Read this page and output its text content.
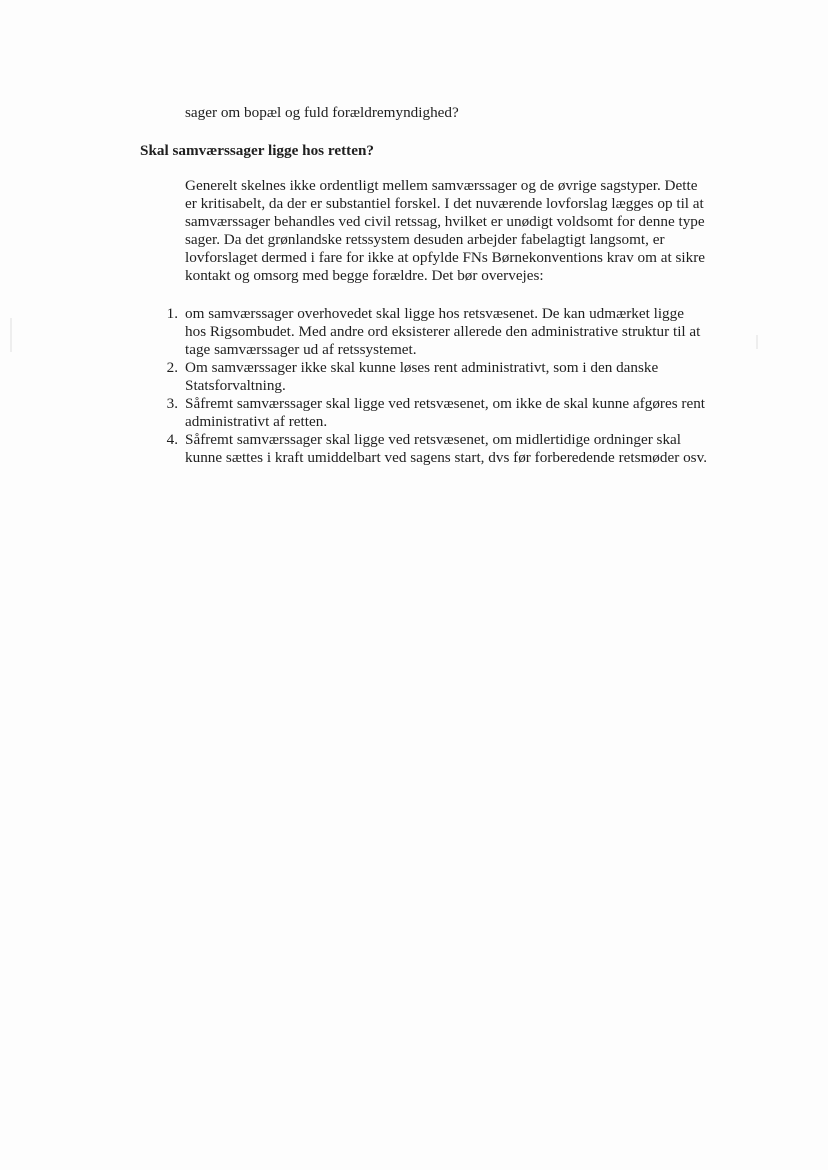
sager om bopæl og fuld forældremyndighed?
Skal samværssager ligge hos retten?
Generelt skelnes ikke ordentligt mellem samværssager og de øvrige sagstyper. Dette
er kritisabelt, da der er substantiel forskel. I det nuværende lovforslag lægges op til at
samværssager behandles ved civil retssag, hvilket er unødigt voldsomt for denne type
sager. Da det grønlandske retssystem desuden arbejder fabelagtigt langsomt, er
lovforslaget dermed i fare for ikke at opfylde FNs Børnekonventions krav om at sikre
kontakt og omsorg med begge forældre. Det bør overvejes:
1. om samværssager overhovedet skal ligge hos retsvæsenet. De kan udmærket ligge
hos Rigsombudet. Med andre ord eksisterer allerede den administrative struktur til at
tage samværssager ud af retssystemet.
2. Om samværssager ikke skal kunne løses rent administrativt, som i den danske
Statsforvaltning.
3. Såfremt samværssager skal ligge ved retsvæsenet, om ikke de skal kunne afgøres rent
administrativt af retten.
4. Såfremt samværssager skal ligge ved retsvæsenet, om midlertidige ordninger skal
kunne sættes i kraft umiddelbart ved sagens start, dvs før forberedende retsmøder osv.
